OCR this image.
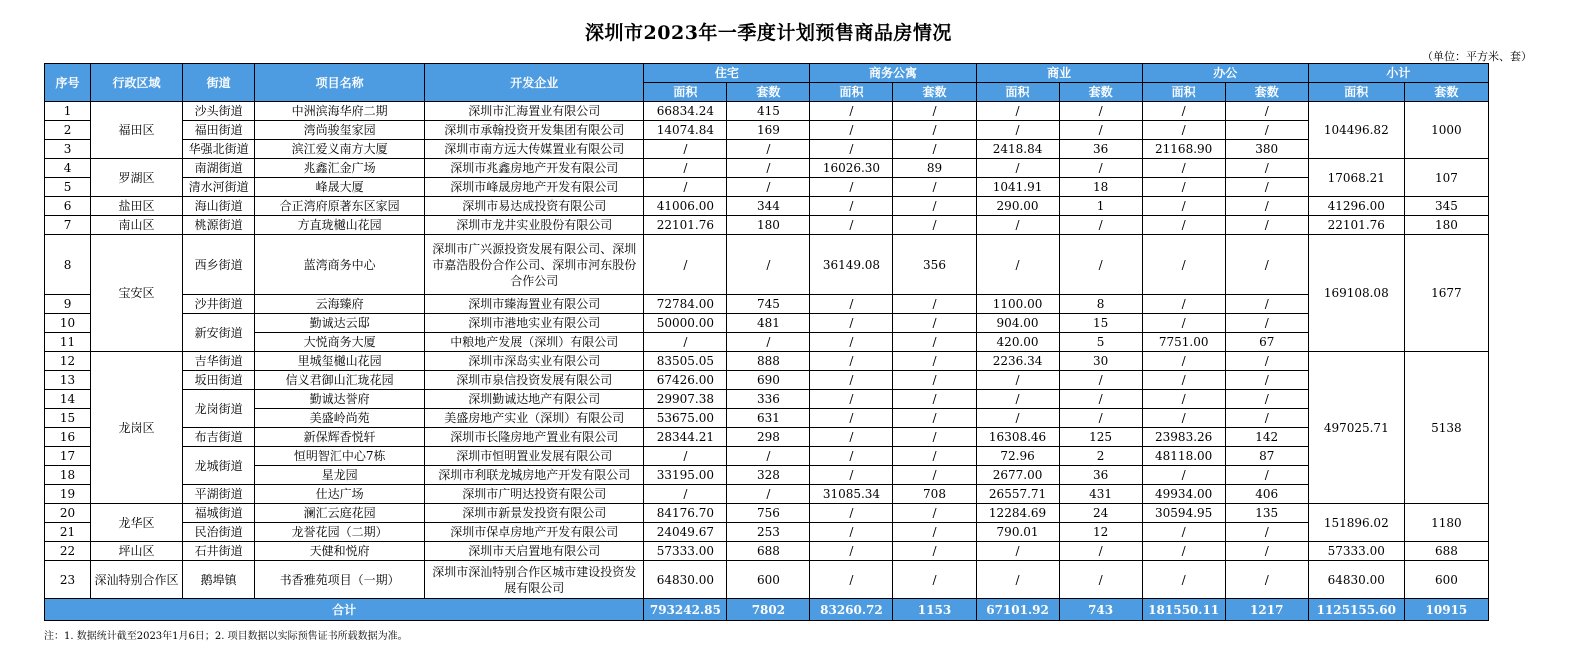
深圳市2023年一季度计划预售商品房情况
（单位：平方米、套）
序号	行政区域	街道	项目名称	开发企业	住宅		商务公寓		商业		办公		小计	
					面积	套数	面积	套数	面积	套数	面积	套数	面积	套数
1	福田区	沙头街道	中洲滨海华府二期	深圳市汇海置业有限公司	66834.24	415	/	/	/	/	/	/	104496.82	1000
2		福田街道	湾尚骏玺家园	深圳市承翰投资开发集团有限公司	14074.84	169	/	/	/	/	/	/		
3		华强北街道	滨江爱义南方大厦	深圳市南方远大传媒置业有限公司	/	/	/	/	2418.84	36	21168.90	380		
4	罗湖区	南湖街道	兆鑫汇金广场	深圳市兆鑫房地产开发有限公司	/	/	16026.30	89	/	/	/	/	17068.21	107
5		清水河街道	峰晟大厦	深圳市峰晟房地产开发有限公司	/	/	/	/	1041.91	18	/	/		
6	盐田区	海山街道	合正湾府原著东区家园	深圳市易达成投资有限公司	41006.00	344	/	/	290.00	1	/	/	41296.00	345
7	南山区	桃源街道	方直珑樾山花园	深圳市龙井实业股份有限公司	22101.76	180	/	/	/	/	/	/	22101.76	180
8	宝安区	西乡街道	蓝湾商务中心	深圳市广兴源投资发展有限公司、深圳市嘉浩股份合作公司、深圳市河东股份合作公司	/	/	36149.08	356	/	/	/	/	169108.08	1677
9		沙井街道	云海臻府	深圳市臻海置业有限公司	72784.00	745	/	/	1100.00	8	/	/		
10		新安街道	勤诚达云邸	深圳市港地实业有限公司	50000.00	481	/	/	904.00	15	/	/		
11			大悦商务大厦	中粮地产发展（深圳）有限公司	/	/	/	/	420.00	5	7751.00	67		
12	龙岗区	吉华街道	里城玺樾山花园	深圳市深岛实业有限公司	83505.05	888	/	/	2236.34	30	/	/	497025.71	5138
13		坂田街道	信义君御山汇珑花园	深圳市泉信投资发展有限公司	67426.00	690	/	/	/	/	/	/		
14		龙岗街道	勤诚达誉府	深圳勤诚达地产有限公司	29907.38	336	/	/	/	/	/	/		
15			美盛岭尚苑	美盛房地产实业（深圳）有限公司	53675.00	631	/	/	/	/	/	/		
16		布吉街道	新保辉香悦轩	深圳市长隆房地产置业有限公司	28344.21	298	/	/	16308.46	125	23983.26	142		
17		龙城街道	恒明智汇中心7栋	深圳市恒明置业发展有限公司	/	/	/	/	72.96	2	48118.00	87		
18			星龙园	深圳市利联龙城房地产开发有限公司	33195.00	328	/	/	2677.00	36	/	/		
19		平湖街道	仕达广场	深圳市广明达投资有限公司	/	/	31085.34	708	26557.71	431	49934.00	406		
20	龙华区	福城街道	澜汇云庭花园	深圳市新景发投资有限公司	84176.70	756	/	/	12284.69	24	30594.95	135	151896.02	1180
21		民治街道	龙誉花园（二期）	深圳市保卓房地产开发有限公司	24049.67	253	/	/	790.01	12	/	/		
22	坪山区	石井街道	天健和悦府	深圳市天启置地有限公司	57333.00	688	/	/	/	/	/	/	57333.00	688
23	深汕特别合作区	鹅埠镇	书香雅苑项目（一期）	深圳市深汕特别合作区城市建设投资发展有限公司	64830.00	600	/	/	/	/	/	/	64830.00	600
合计					793242.85	7802	83260.72	1153	67101.92	743	181550.11	1217	1125155.60	10915
注：1. 数据统计截至2023年1月6日；2. 项目数据以实际预售证书所载数据为准。
